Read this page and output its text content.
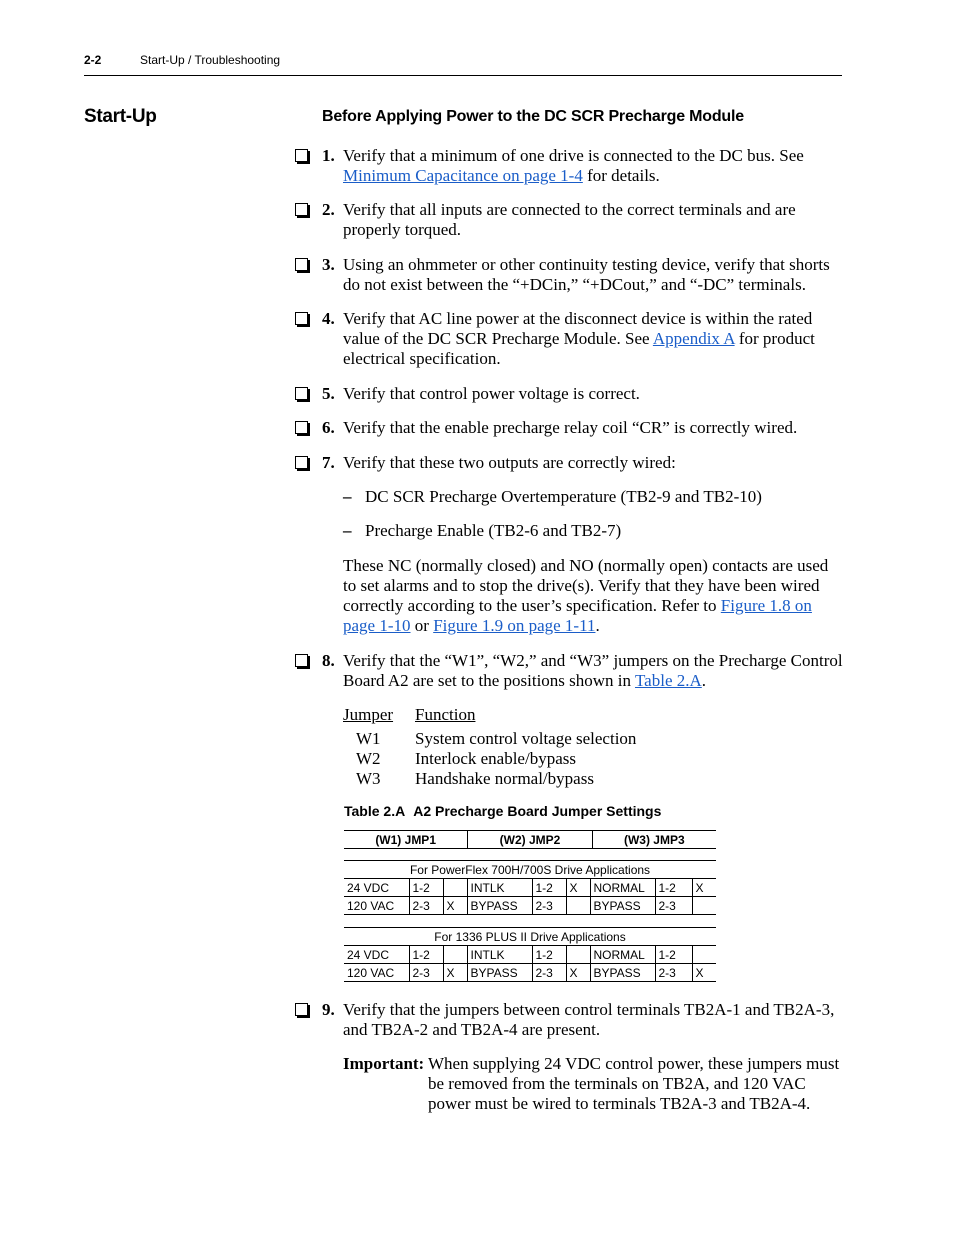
2-2	Start-Up / Troubleshooting
Start-Up	Before Applying Power to the DC SCR Precharge Module
1. Verify that a minimum of one drive is connected to the DC bus. See Minimum Capacitance on page 1-4 for details.
2. Verify that all inputs are connected to the correct terminals and are properly torqued.
3. Using an ohmmeter or other continuity testing device, verify that shorts do not exist between the “+DCin,” “+DCout,” and “-DC” terminals.
4. Verify that AC line power at the disconnect device is within the rated value of the DC SCR Precharge Module. See Appendix A for product electrical specification.
5. Verify that control power voltage is correct.
6. Verify that the enable precharge relay coil “CR” is correctly wired.
7. Verify that these two outputs are correctly wired:
– DC SCR Precharge Overtemperature (TB2-9 and TB2-10)
– Precharge Enable (TB2-6 and TB2-7)
These NC (normally closed) and NO (normally open) contacts are used to set alarms and to stop the drive(s). Verify that they have been wired correctly according to the user’s specification. Refer to Figure 1.8 on page 1-10 or Figure 1.9 on page 1-11.
8. Verify that the “W1”, “W2,” and “W3” jumpers on the Precharge Control Board A2 are set to the positions shown in Table 2.A.
Jumper Function
W1 System control voltage selection
W2 Interlock enable/bypass
W3 Handshake normal/bypass
Table 2.A A2 Precharge Board Jumper Settings
(W1) JMP1	(W2) JMP2	(W3) JMP3
For PowerFlex 700H/700S Drive Applications								
24 VDC	1-2		INTLK	1-2	X	NORMAL	1-2	X
120 VAC	2-3	X	BYPASS	2-3		BYPASS	2-3	
For 1336 PLUS II Drive Applications								
24 VDC	1-2		INTLK	1-2		NORMAL	1-2	
120 VAC	2-3	X	BYPASS	2-3	X	BYPASS	2-3	X
9. Verify that the jumpers between control terminals TB2A-1 and TB2A-3, and TB2A-2 and TB2A-4 are present.
Important: When supplying 24 VDC control power, these jumpers must be removed from the terminals on TB2A, and 120 VAC power must be wired to terminals TB2A-3 and TB2A-4.
